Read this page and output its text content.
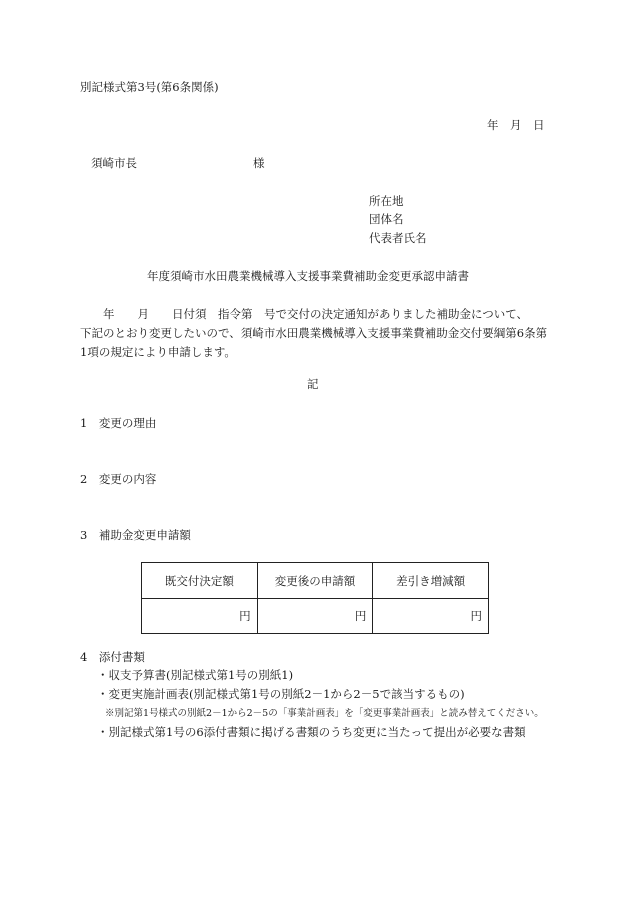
別記様式第3号(第6条関係)
年　月　日
須崎市長	様
所在地
団体名
代表者氏名
年度須崎市水田農業機械導入支援事業費補助金変更承認申請書
　　年　　月　　日付須　指令第　号で交付の決定通知がありました補助金について、
下記のとおり変更したいので、須崎市水田農業機械導入支援事業費補助金交付要綱第6条第
1項の規定により申請します。
記
1　変更の理由
2　変更の内容
3　補助金変更申請額
既交付決定額	変更後の申請額	差引き増減額
円	円	円
4　添付書類
・収支予算書(別記様式第1号の別紙1)
・変更実施計画表(別記様式第1号の別紙2－1から2－5で該当するもの)
※別記第1号様式の別紙2－1から2－5の「事業計画表」を「変更事業計画表」と読み替えてください。
・別記様式第1号の6添付書類に掲げる書類のうち変更に当たって提出が必要な書類
